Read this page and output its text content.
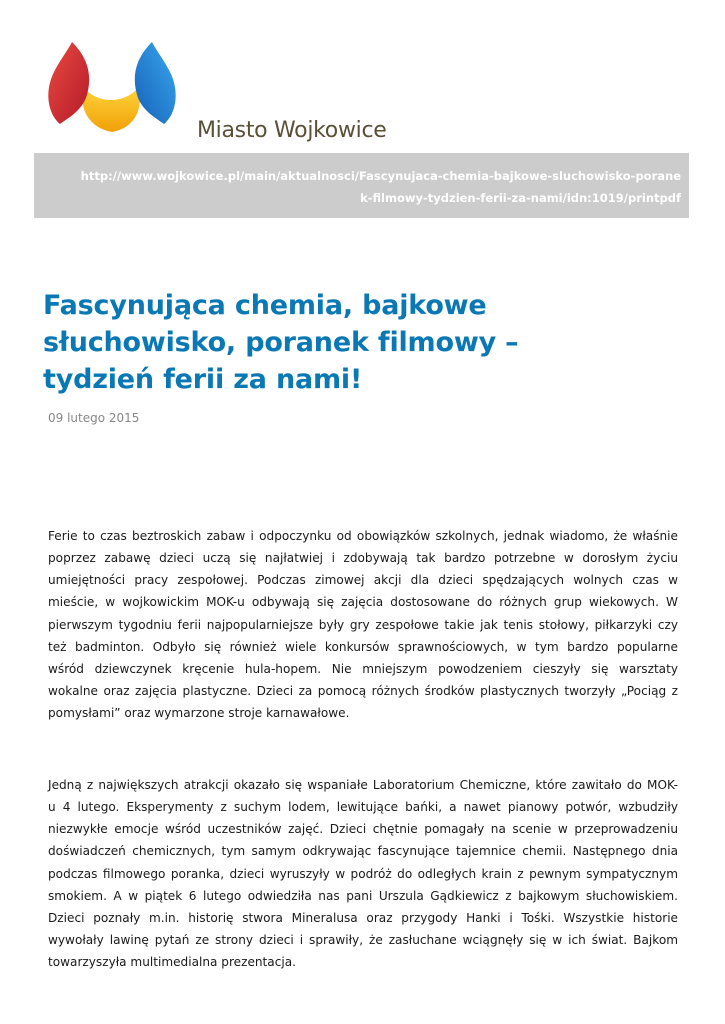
Miasto Wojkowice
http://www.wojkowice.pl/main/aktualnosci/Fascynujaca-chemia-bajkowe-sluchowisko-porane
k-filmowy-tydzien-ferii-za-nami/idn:1019/printpdf
Fascynująca chemia, bajkowe
słuchowisko, poranek filmowy –
tydzień ferii za nami!
09 lutego 2015

Ferie to czas beztroskich zabaw i odpoczynku od obowiązków szkolnych, jednak wiadomo, że właśnie
poprzez zabawę dzieci uczą się najłatwiej i zdobywają tak bardzo potrzebne w dorosłym życiu
umiejętności pracy zespołowej. Podczas zimowej akcji dla dzieci spędzających wolnych czas w
mieście, w wojkowickim MOK-u odbywają się zajęcia dostosowane do różnych grup wiekowych. W
pierwszym tygodniu ferii najpopularniejsze były gry zespołowe takie jak tenis stołowy, piłkarzyki czy
też badminton. Odbyło się również wiele konkursów sprawnościowych, w tym bardzo popularne
wśród dziewczynek kręcenie hula-hopem. Nie mniejszym powodzeniem cieszyły się warsztaty
wokalne oraz zajęcia plastyczne. Dzieci za pomocą różnych środków plastycznych tworzyły „Pociąg z
pomysłami” oraz wymarzone stroje karnawałowe.

Jedną z największych atrakcji okazało się wspaniałe Laboratorium Chemiczne, które zawitało do MOK-
u 4 lutego. Eksperymenty z suchym lodem, lewitujące bańki, a nawet pianowy potwór, wzbudziły
niezwykłe emocje wśród uczestników zajęć. Dzieci chętnie pomagały na scenie w przeprowadzeniu
doświadczeń chemicznych, tym samym odkrywając fascynujące tajemnice chemii. Następnego dnia
podczas filmowego poranka, dzieci wyruszyły w podróż do odległych krain z pewnym sympatycznym
smokiem. A w piątek 6 lutego odwiedziła nas pani Urszula Gądkiewicz z bajkowym słuchowiskiem.
Dzieci poznały m.in. historię stwora Mineralusa oraz przygody Hanki i Tośki. Wszystkie historie
wywołały lawinę pytań ze strony dzieci i sprawiły, że zasłuchane wciągnęły się w ich świat. Bajkom
towarzyszyła multimedialna prezentacja.
